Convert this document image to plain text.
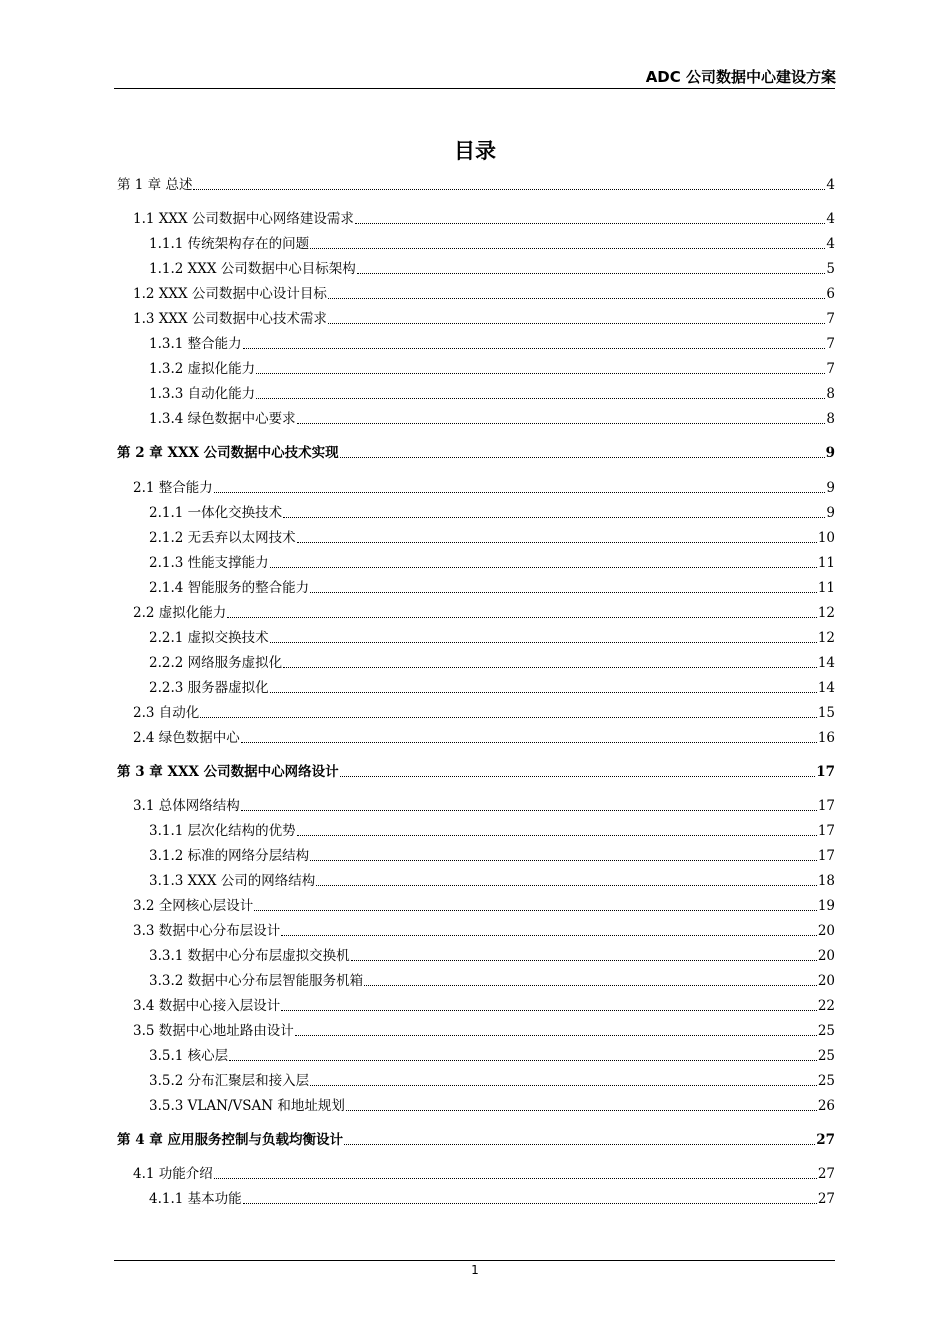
ADC 公司数据中心建设方案
目录
第 1 章 总述	4
1.1 XXX 公司数据中心网络建设需求	4
1.1.1 传统架构存在的问题	4
1.1.2 XXX 公司数据中心目标架构	5
1.2 XXX 公司数据中心设计目标	6
1.3 XXX 公司数据中心技术需求	7
1.3.1 整合能力	7
1.3.2 虚拟化能力	7
1.3.3 自动化能力	8
1.3.4 绿色数据中心要求	8
第 2 章 XXX 公司数据中心技术实现	9
2.1 整合能力	9
2.1.1 一体化交换技术	9
2.1.2 无丢弃以太网技术	10
2.1.3 性能支撑能力	11
2.1.4 智能服务的整合能力	11
2.2 虚拟化能力	12
2.2.1 虚拟交换技术	12
2.2.2 网络服务虚拟化	14
2.2.3 服务器虚拟化	14
2.3 自动化	15
2.4 绿色数据中心	16
第 3 章 XXX 公司数据中心网络设计	17
3.1 总体网络结构	17
3.1.1 层次化结构的优势	17
3.1.2 标准的网络分层结构	17
3.1.3 XXX 公司的网络结构	18
3.2 全网核心层设计	19
3.3 数据中心分布层设计	20
3.3.1 数据中心分布层虚拟交换机	20
3.3.2 数据中心分布层智能服务机箱	20
3.4 数据中心接入层设计	22
3.5 数据中心地址路由设计	25
3.5.1 核心层	25
3.5.2 分布汇聚层和接入层	25
3.5.3 VLAN/VSAN 和地址规划	26
第 4 章 应用服务控制与负载均衡设计	27
4.1 功能介绍	27
4.1.1 基本功能	27
1
